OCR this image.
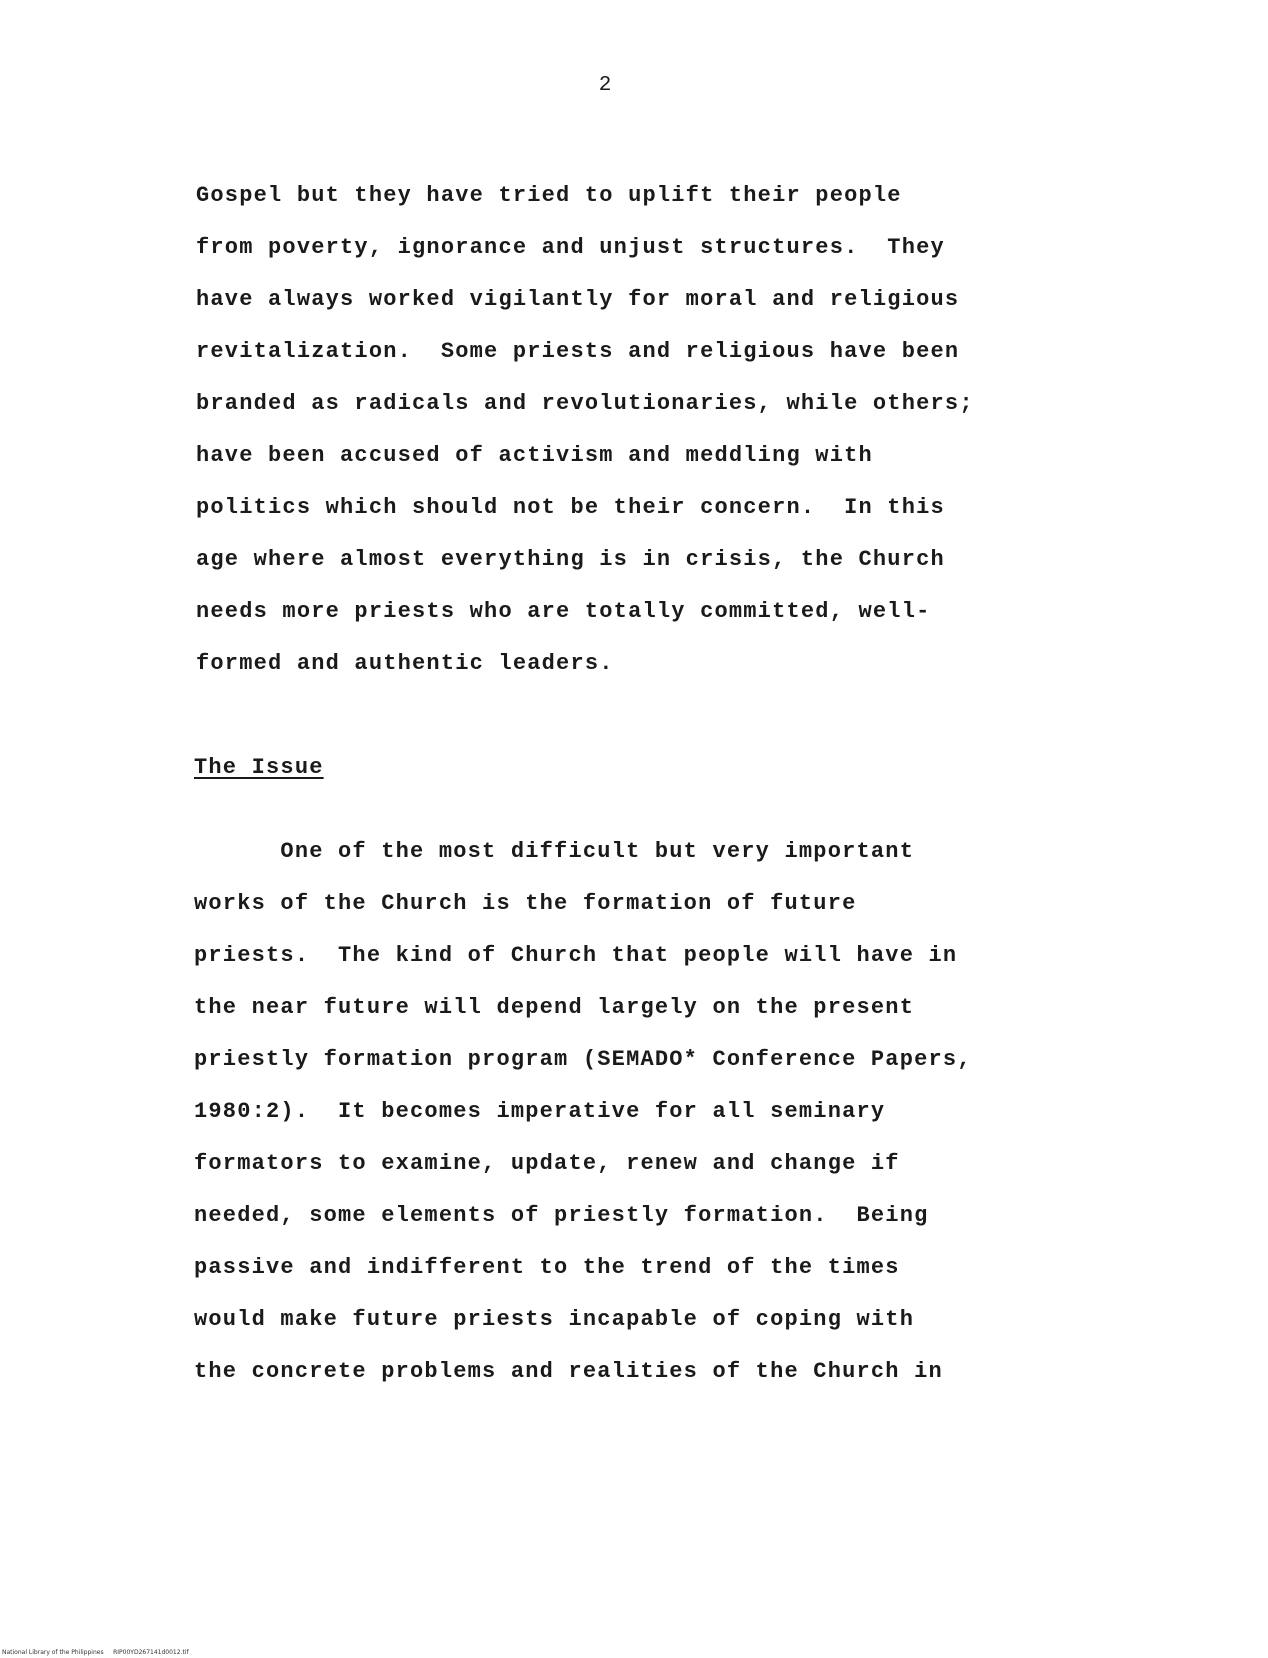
2
Gospel but they have tried to uplift their people
from poverty, ignorance and unjust structures.  They
have always worked vigilantly for moral and religious
revitalization.  Some priests and religious have been
branded as radicals and revolutionaries, while others;
have been accused of activism and meddling with
politics which should not be their concern.  In this
age where almost everything is in crisis, the Church
needs more priests who are totally committed, well-
formed and authentic leaders.
The Issue
One of the most difficult but very important
works of the Church is the formation of future
priests.  The kind of Church that people will have in
the near future will depend largely on the present
priestly formation program (SEMADO* Conference Papers,
1980:2).  It becomes imperative for all seminary
formators to examine, update, renew and change if
needed, some elements of priestly formation.  Being
passive and indifferent to the trend of the times
would make future priests incapable of coping with
the concrete problems and realities of the Church in
National Library of the Philippines     RIP00YD267141d0012.tif
